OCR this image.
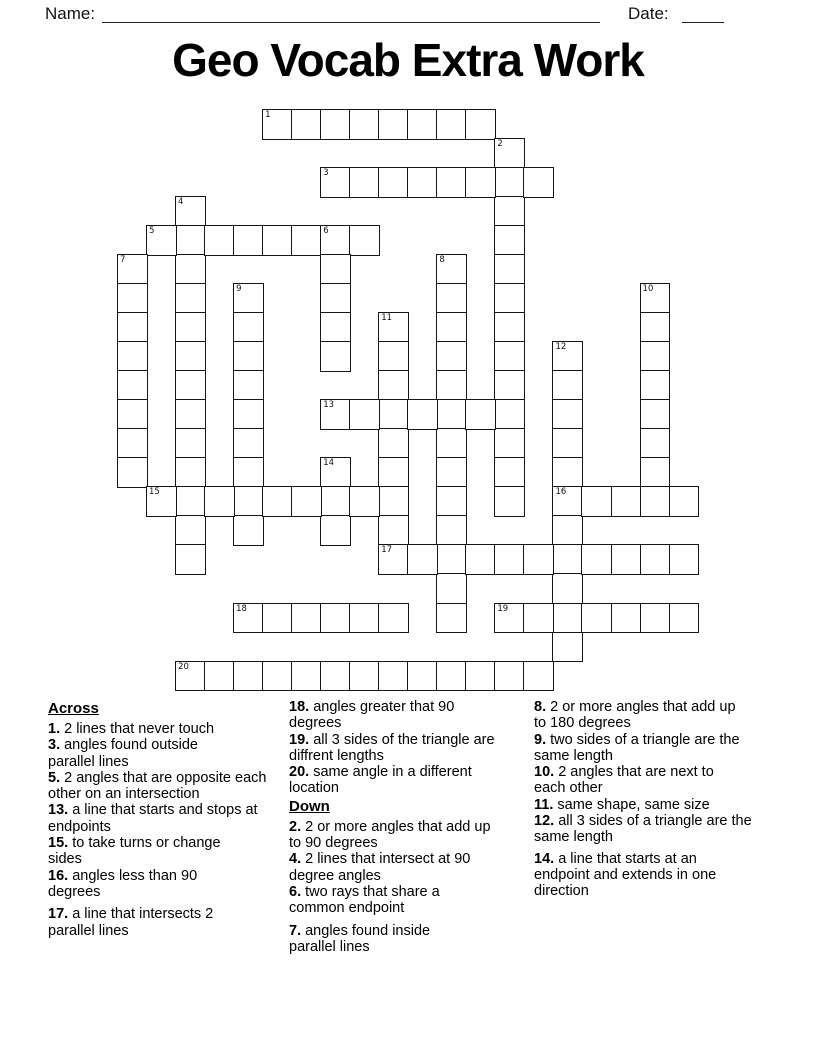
Name:	Date:
Geo Vocab Extra Work
1
2
3
4
5	6
7	8
9	10
11
17
12
16
13
14
15
18	19
20
Across
1. 2 lines that never touch
3. angles found outside parallel lines
5. 2 angles that are opposite each other on an intersection
13. a line that starts and stops at endpoints
15. to take turns or change sides
16. angles less than 90 degrees
17. a line that intersects 2 parallel lines
18. angles greater that 90 degrees
19. all 3 sides of the triangle are diffrent lengths
20. same angle in a different location
Down
2. 2 or more angles that add up to 90 degrees
4. 2 lines that intersect at 90 degree angles
6. two rays that share a common endpoint
7. angles found inside parallel lines
8. 2 or more angles that add up to 180 degrees
9. two sides of a triangle are the same length
10. 2 angles that are next to each other
11. same shape, same size
12. all 3 sides of a triangle are the same length
14. a line that starts at an endpoint and extends in one direction
